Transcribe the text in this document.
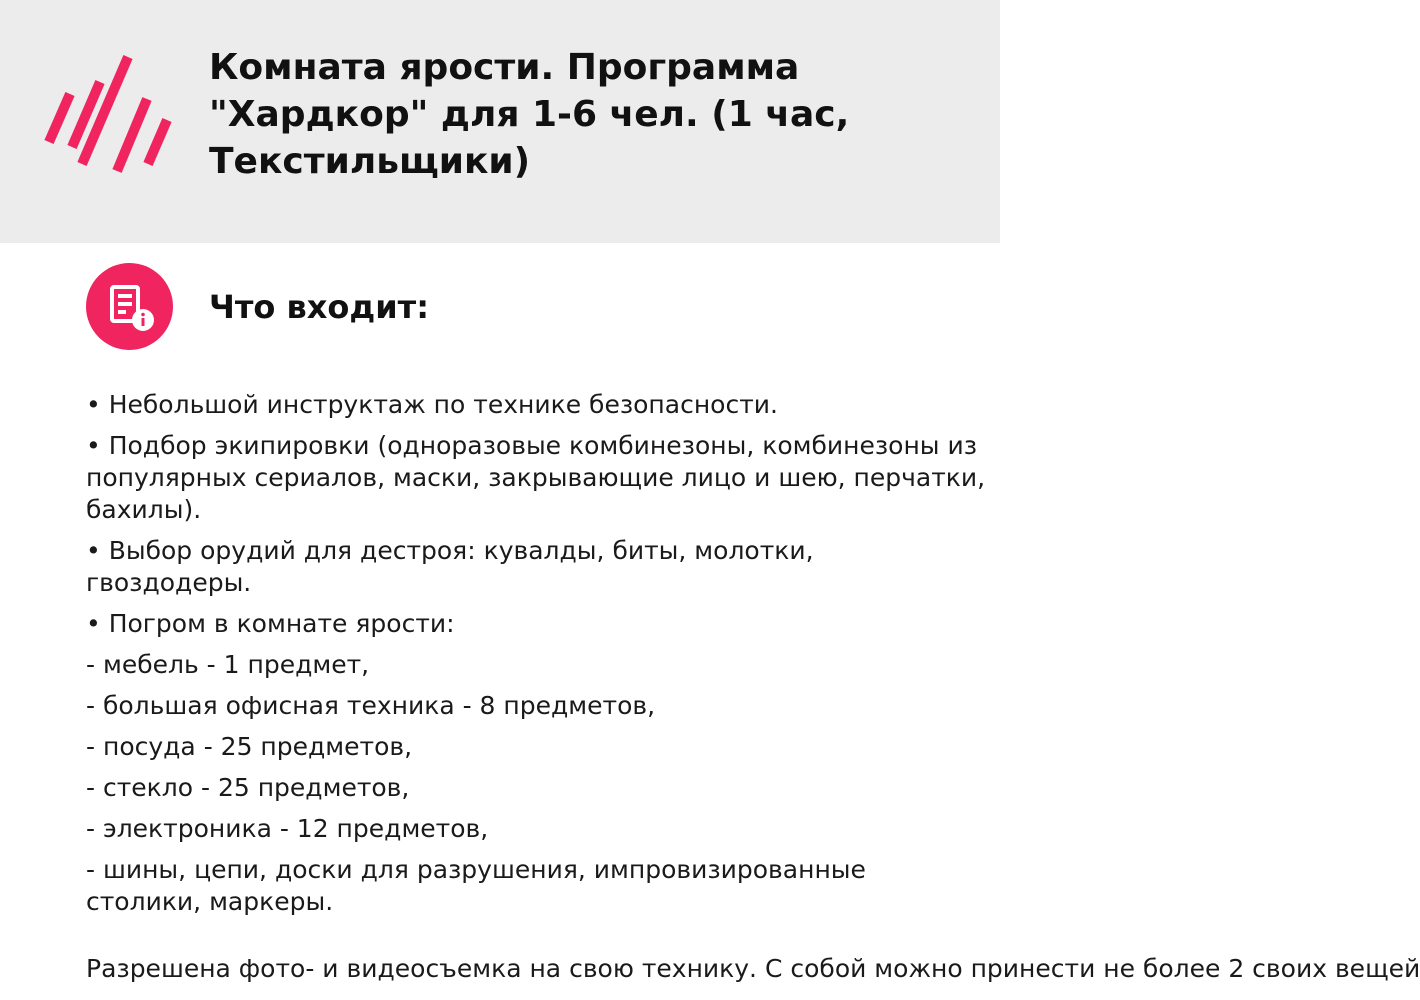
Комната ярости. Программа "Хардкор" для 1-6 чел. (1 час, Текстильщики)
Что входит:

• Небольшой инструктаж по технике безопасности.

• Подбор экипировки (одноразовые комбинезоны, комбинезоны из популярных сериалов, маски, закрывающие лицо и шею, перчатки, бахилы).

• Выбор орудий для дестроя: кувалды, биты, молотки, гвоздодеры.

• Погром в комнате ярости:

- мебель - 1 предмет,

- большая офисная техника - 8 предметов,

- посуда - 25 предметов,

- стекло - 25 предметов,

- электроника - 12 предметов,

- шины, цепи, доски для разрушения, импровизированные столики, маркеры.

Разрешена фото- и видеосъемка на свою технику. С собой можно принести не более 2 своих вещей
